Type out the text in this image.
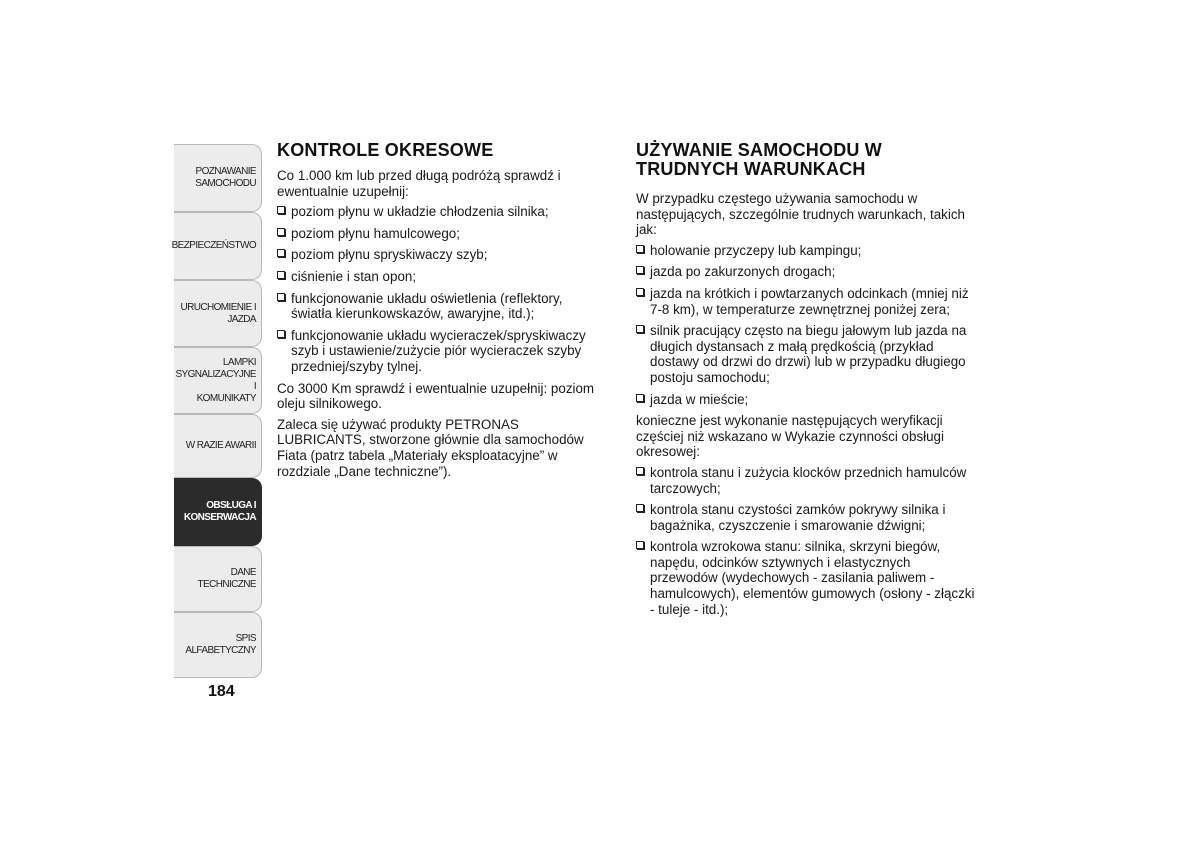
POZNAWANIE
SAMOCHODU
BEZPIECZEŃSTWO
URUCHOMIENIE I
JAZDA
LAMPKI
SYGNALIZACYJNE I
KOMUNIKATY
W RAZIE AWARII
OBSŁUGA I
KONSERWACJA
DANE TECHNICZNE
SPIS ALFABETYCZNY
184
KONTROLE OKRESOWE

Co 1.000 km lub przed długą podróżą sprawdź i ewentualnie uzupełnij:

poziom płynu w układzie chłodzenia silnika;
poziom płynu hamulcowego;
poziom płynu spryskiwaczy szyb;
ciśnienie i stan opon;
funkcjonowanie układu oświetlenia (reflektory, światła kierunkowskazów, awaryjne, itd.);
funkcjonowanie układu wycieraczek/spryskiwaczy szyb i ustawienie/zużycie piór wycieraczek szyby przedniej/szyby tylnej.

Co 3000 Km sprawdź i ewentualnie uzupełnij: poziom oleju silnikowego.

Zaleca się używać produkty PETRONAS LUBRICANTS, stworzone głównie dla samochodów Fiata (patrz tabela „Materiały eksploatacyjne” w rozdziale „Dane techniczne”).

UŻYWANIE SAMOCHODU W TRUDNYCH WARUNKACH

W przypadku częstego używania samochodu w następujących, szczególnie trudnych warunkach, takich jak:

holowanie przyczepy lub kampingu;
jazda po zakurzonych drogach;
jazda na krótkich i powtarzanych odcinkach (mniej niż 7-8 km), w temperaturze zewnętrznej poniżej zera;
silnik pracujący często na biegu jałowym lub jazda na długich dystansach z małą prędkością (przykład dostawy od drzwi do drzwi) lub w przypadku długiego postoju samochodu;
jazda w mieście;

konieczne jest wykonanie następujących weryfikacji częściej niż wskazano w Wykazie czynności obsługi okresowej:

kontrola stanu i zużycia klocków przednich hamulców tarczowych;
kontrola stanu czystości zamków pokrywy silnika i bagażnika, czyszczenie i smarowanie dźwigni;
kontrola wzrokowa stanu: silnika, skrzyni biegów, napędu, odcinków sztywnych i elastycznych przewodów (wydechowych - zasilania paliwem - hamulcowych), elementów gumowych (osłony - złączki - tuleje - itd.);
